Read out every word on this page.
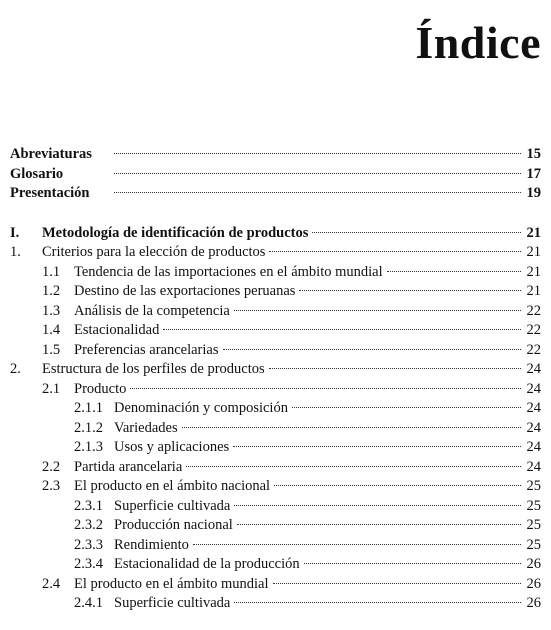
Índice
Abreviaturas	15
Glosario	17
Presentación	19
I.	Metodología de identificación de productos	21
1.	Criterios para la elección de productos	21
1.1 Tendencia de las importaciones en el ámbito mundial	21
1.2 Destino de las exportaciones peruanas	21
1.3 Análisis de la competencia	22
1.4 Estacionalidad	22
1.5 Preferencias arancelarias	22
2.	Estructura de los perfiles de productos	24
2.1 Producto	24
2.1.1 Denominación y composición	24
2.1.2 Variedades	24
2.1.3 Usos y aplicaciones	24
2.2 Partida arancelaria	24
2.3 El producto en el ámbito nacional	25
2.3.1 Superficie cultivada	25
2.3.2 Producción nacional	25
2.3.3 Rendimiento	25
2.3.4 Estacionalidad de la producción	26
2.4 El producto en el ámbito mundial	26
2.4.1 Superficie cultivada	26
